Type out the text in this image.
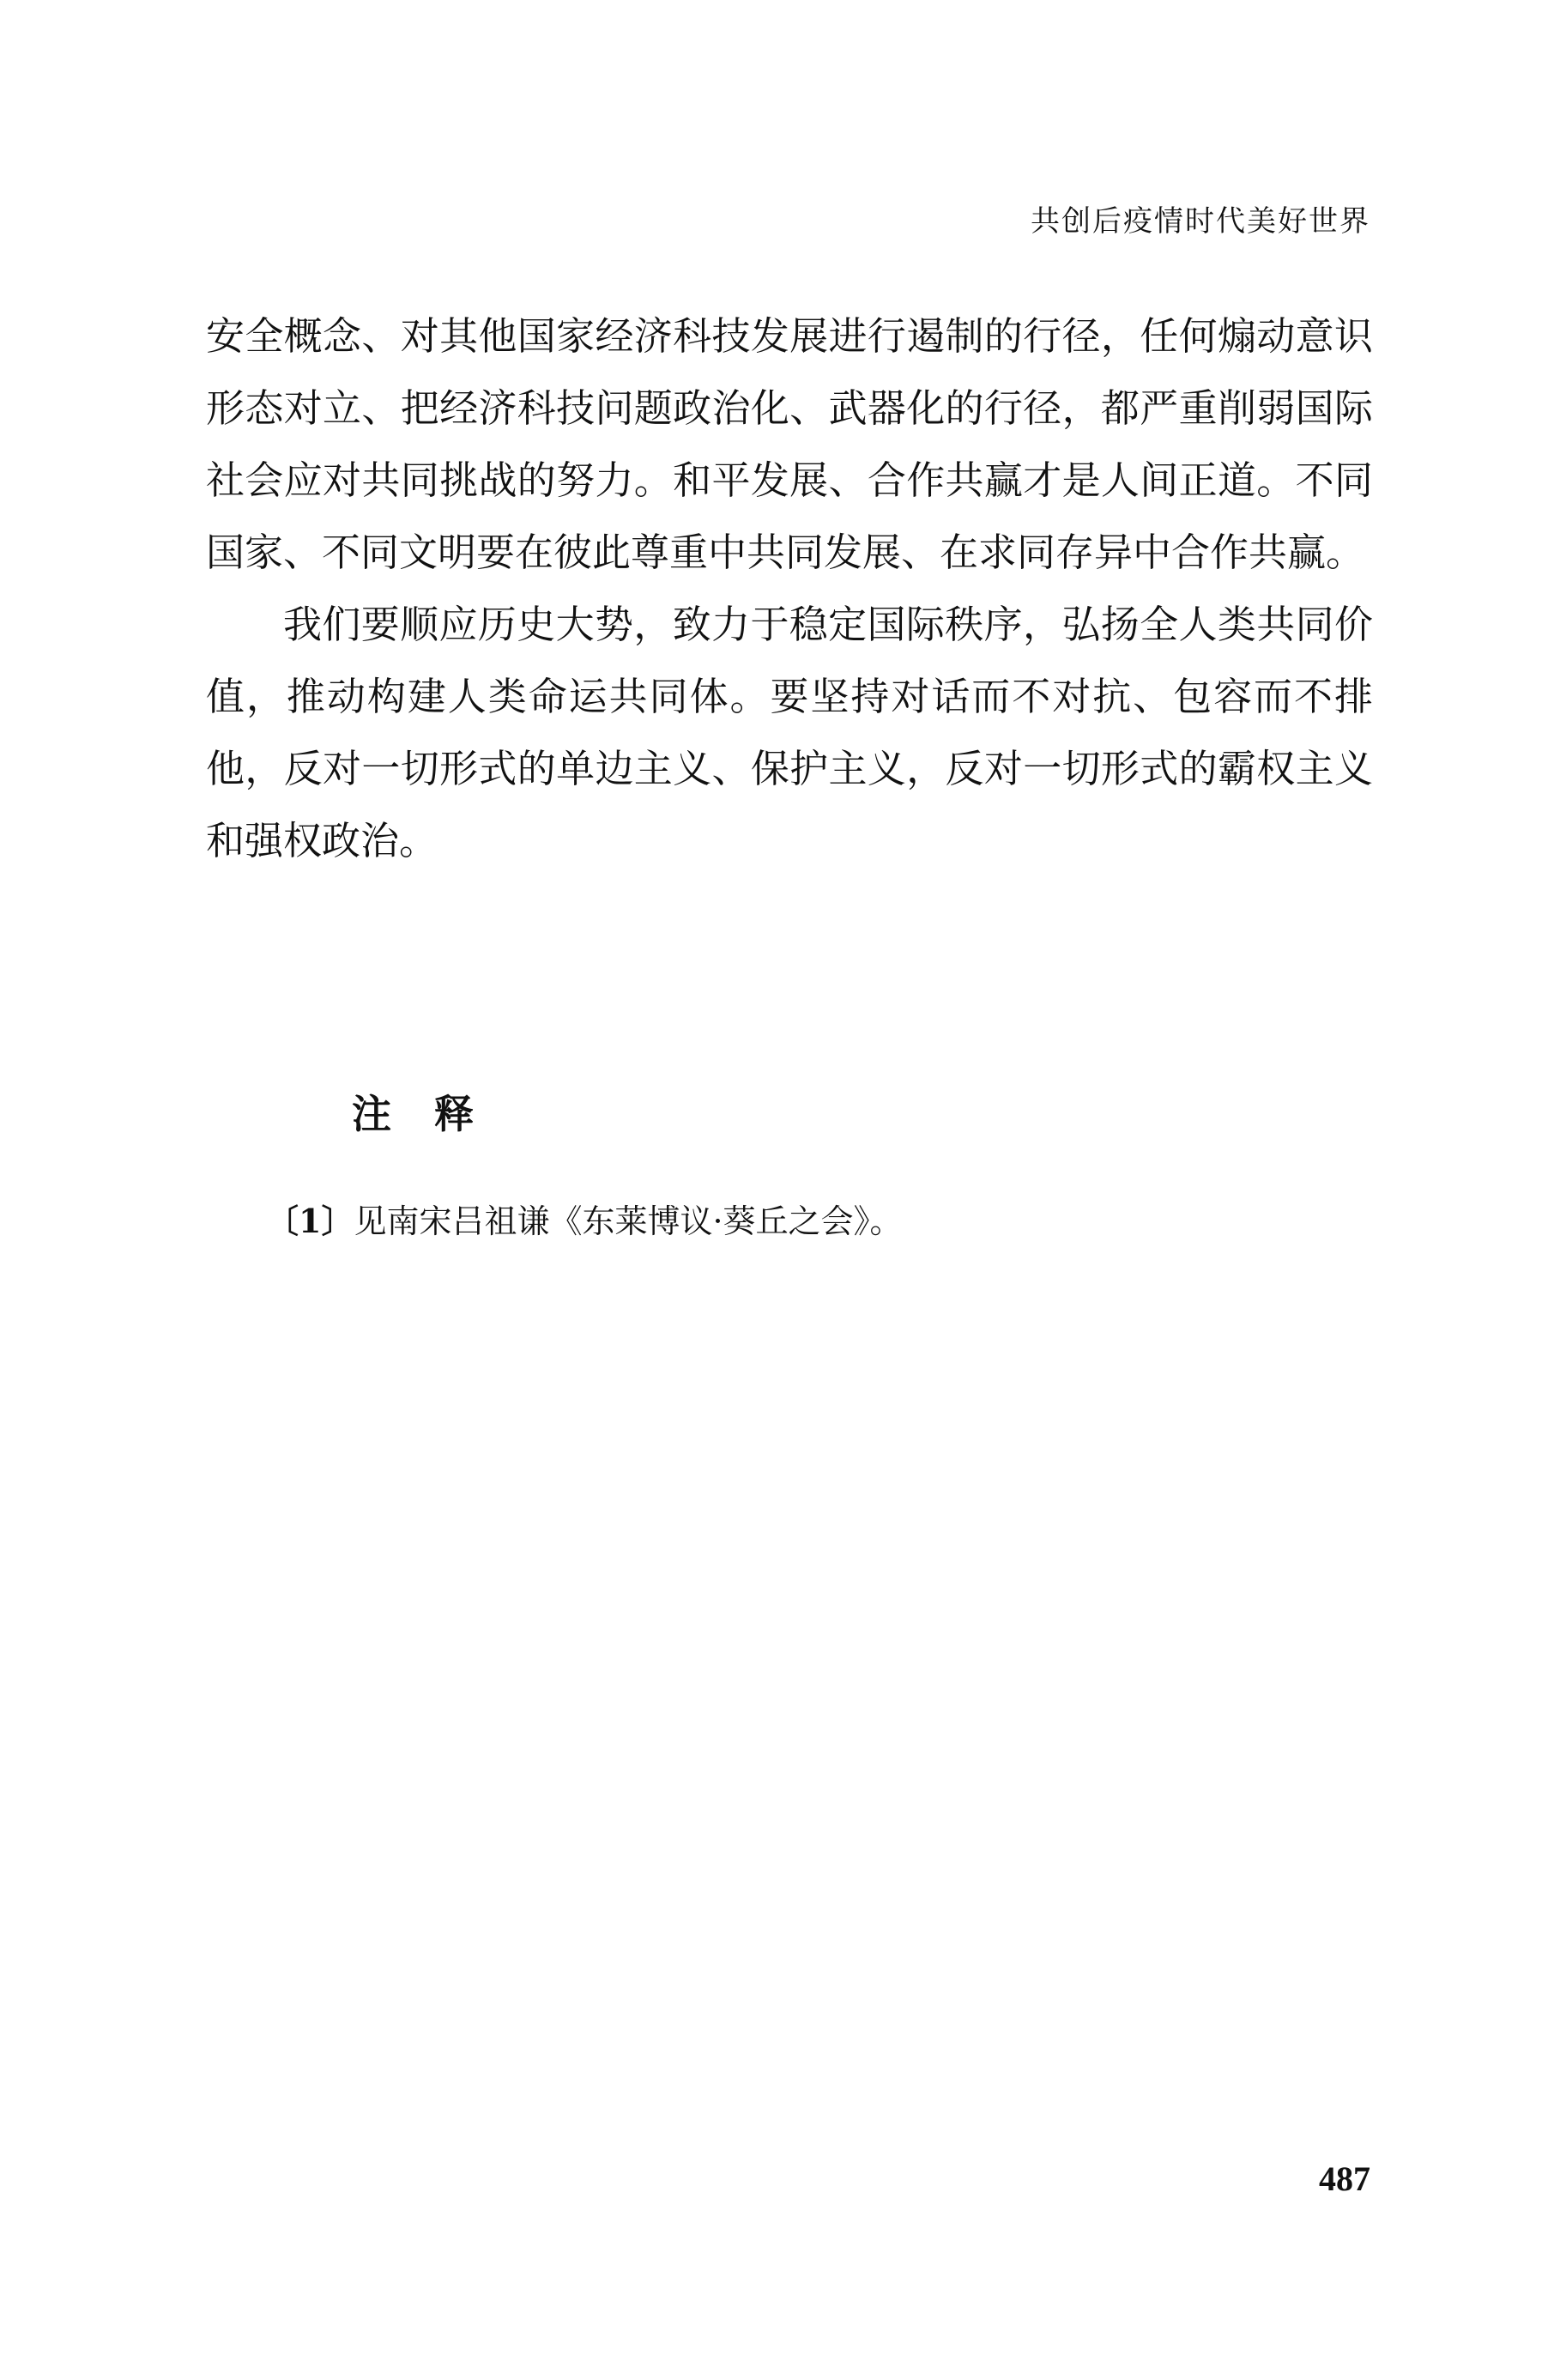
共创后疫情时代美好世界

安全概念、对其他国家经济科技发展进行遏制的行径，任何煽动意识形态对立、把经济科技问题政治化、武器化的行径，都严重削弱国际社会应对共同挑战的努力。和平发展、合作共赢才是人间正道。不同国家、不同文明要在彼此尊重中共同发展、在求同存异中合作共赢。

我们要顺应历史大势，致力于稳定国际秩序，弘扬全人类共同价值，推动构建人类命运共同体。要坚持对话而不对抗、包容而不排他，反对一切形式的单边主义、保护主义，反对一切形式的霸权主义和强权政治。

注释
〔1〕见南宋吕祖谦《东莱博议·葵丘之会》。
487
